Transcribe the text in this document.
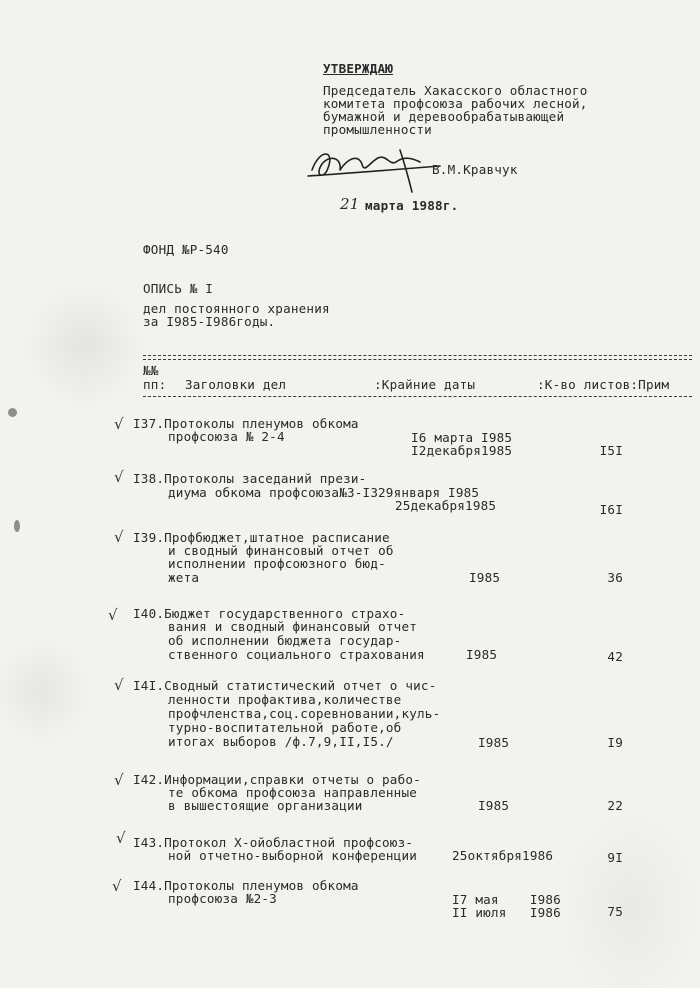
УТВЕРЖДАЮ
Председатель Хакасского областного
комитета профсоюза рабочих лесной,
бумажной и деревообрабатывающей
промышленности
В.М.Кравчук
21 марта 1988г.
ФОНД №Р-540
ОПИСЬ № I
дел постоянного хранения
за I985-I986годы.
№№
пп: Заголовки дел	:Крайние даты	:К-во листов:Прим
√ I37.Протоколы пленумов обкома
профсоюза № 2-4	I6 марта I985
I2декабря1985	I5I
√ I38.Протоколы заседаний прези-
диума обкома профсоюза№3-I3 29января I985
25декабря1985	I6I
√ I39.Профбюджет,штатное расписание
и сводный финансовый отчет об
исполнении профсоюзного бюд-
жета	I985	36
√ I40.Бюджет государственного страхо-
вания и сводный финансовый отчет
об исполнении бюджета государ-
ственного социального страхования	I985	42
√ I4I.Сводный статистический отчет о чис-
ленности профактива,количестве
профчленства,соц.соревновании,куль-
турно-воспитательной работе,об
итогах выборов /ф.7,9,II,I5./	I985	I9
√ I42.Информации,справки отчеты о рабо-
те обкома профсоюза направленные
в вышестоящие организации	I985	22
√ I43.Протокол X-ойобластной профсоюз-
ной отчетно-выборной конференции	25октября1986	9I
√ I44.Протоколы пленумов обкома
профсоюза №2-3	I7 мая    I986
II июля   I986	75
